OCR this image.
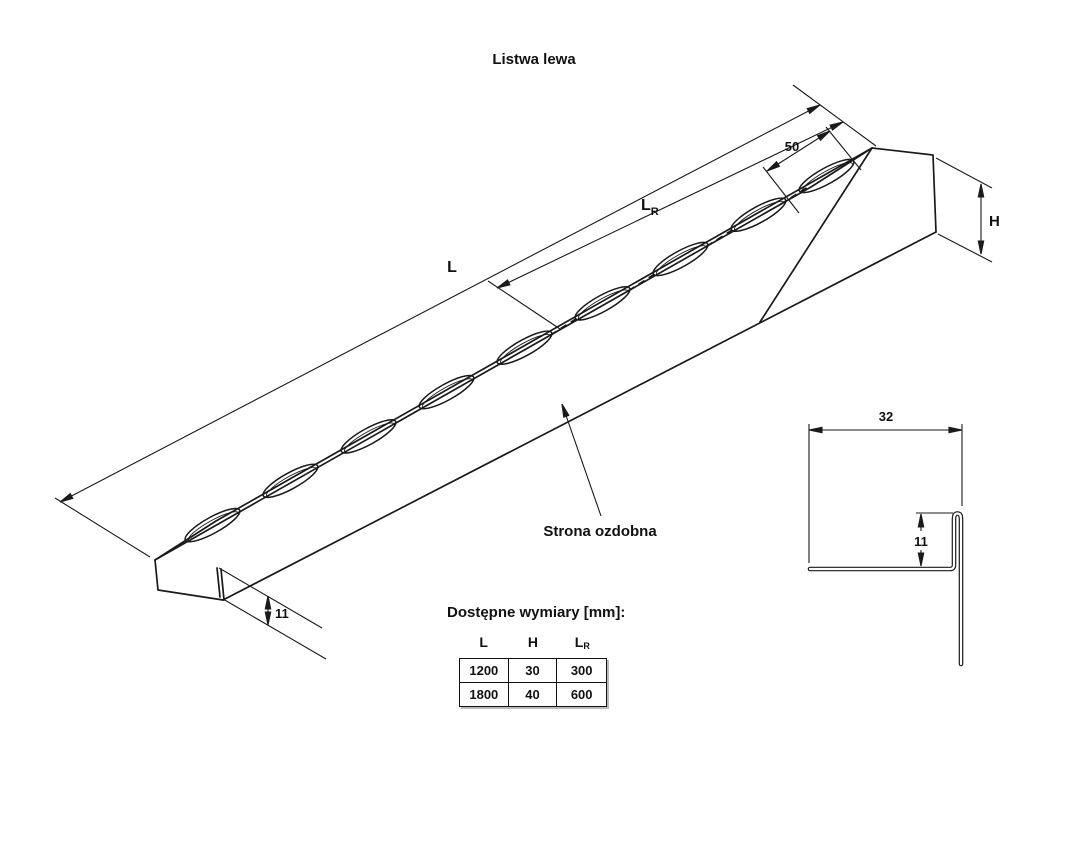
Listwa lewa
L
$L_R$
50
H
11
Strona ozdobna
32
11
Dostępne wymiary [mm]:
L	H	$L_R$
1200	30	300
1800	40	600
